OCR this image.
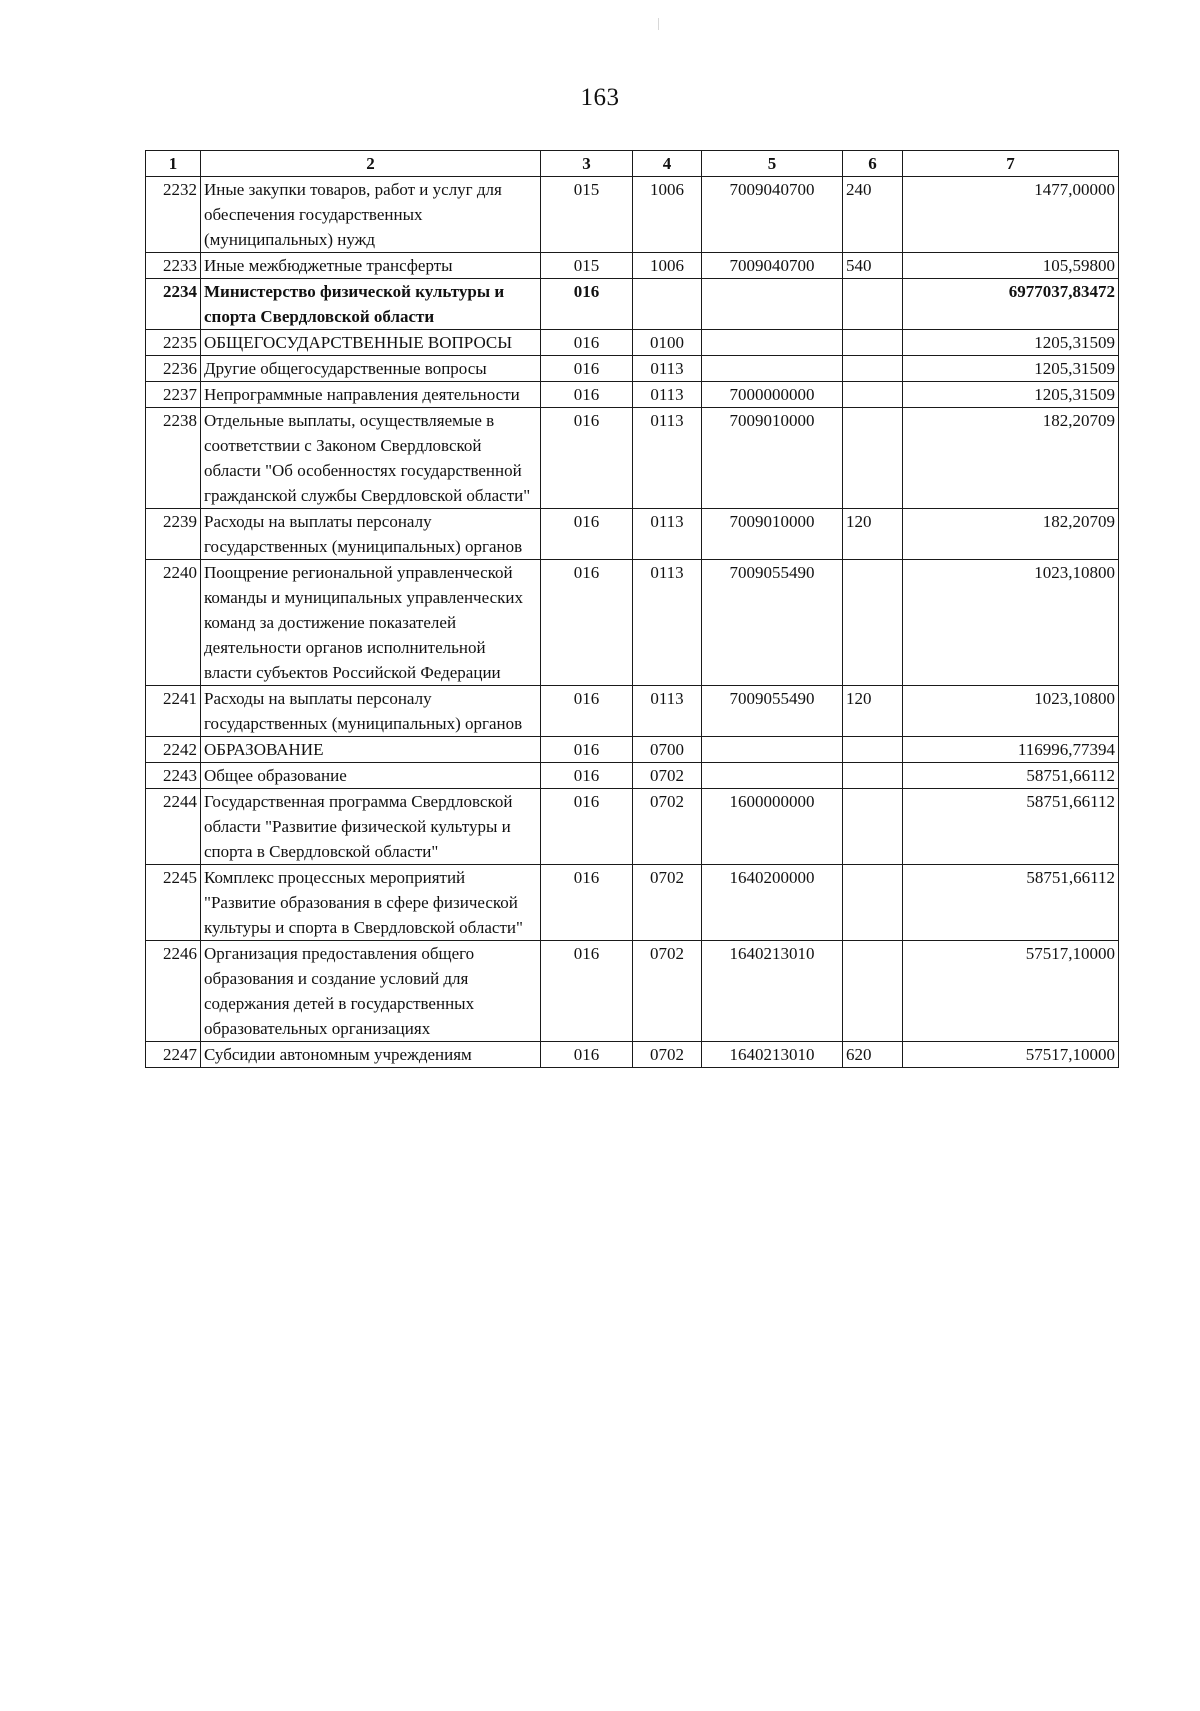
163
1	2	3	4	5	6	7
2232	Иные закупки товаров, работ и услуг для обеспечения государственных (муниципальных) нужд	015	1006	7009040700	240	1477,00000
2233	Иные межбюджетные трансферты	015	1006	7009040700	540	105,59800
2234	Министерство физической культуры и спорта Свердловской области	016				6977037,83472
2235	ОБЩЕГОСУДАРСТВЕННЫЕ ВОПРОСЫ	016	0100			1205,31509
2236	Другие общегосударственные вопросы	016	0113			1205,31509
2237	Непрограммные направления деятельности	016	0113	7000000000		1205,31509
2238	Отдельные выплаты, осуществляемые в соответствии с Законом Свердловской области "Об особенностях государственной гражданской службы Свердловской области"	016	0113	7009010000		182,20709
2239	Расходы на выплаты персоналу государственных (муниципальных) органов	016	0113	7009010000	120	182,20709
2240	Поощрение региональной управленческой команды и муниципальных управленческих команд за достижение показателей деятельности органов исполнительной власти субъектов Российской Федерации	016	0113	7009055490		1023,10800
2241	Расходы на выплаты персоналу государственных (муниципальных) органов	016	0113	7009055490	120	1023,10800
2242	ОБРАЗОВАНИЕ	016	0700			116996,77394
2243	Общее образование	016	0702			58751,66112
2244	Государственная программа Свердловской области "Развитие физической культуры и спорта в Свердловской области"	016	0702	1600000000		58751,66112
2245	Комплекс процессных мероприятий "Развитие образования в сфере физической культуры и спорта в Свердловской области"	016	0702	1640200000		58751,66112
2246	Организация предоставления общего образования и создание условий для содержания детей в государственных образовательных организациях	016	0702	1640213010		57517,10000
2247	Субсидии автономным учреждениям	016	0702	1640213010	620	57517,10000
